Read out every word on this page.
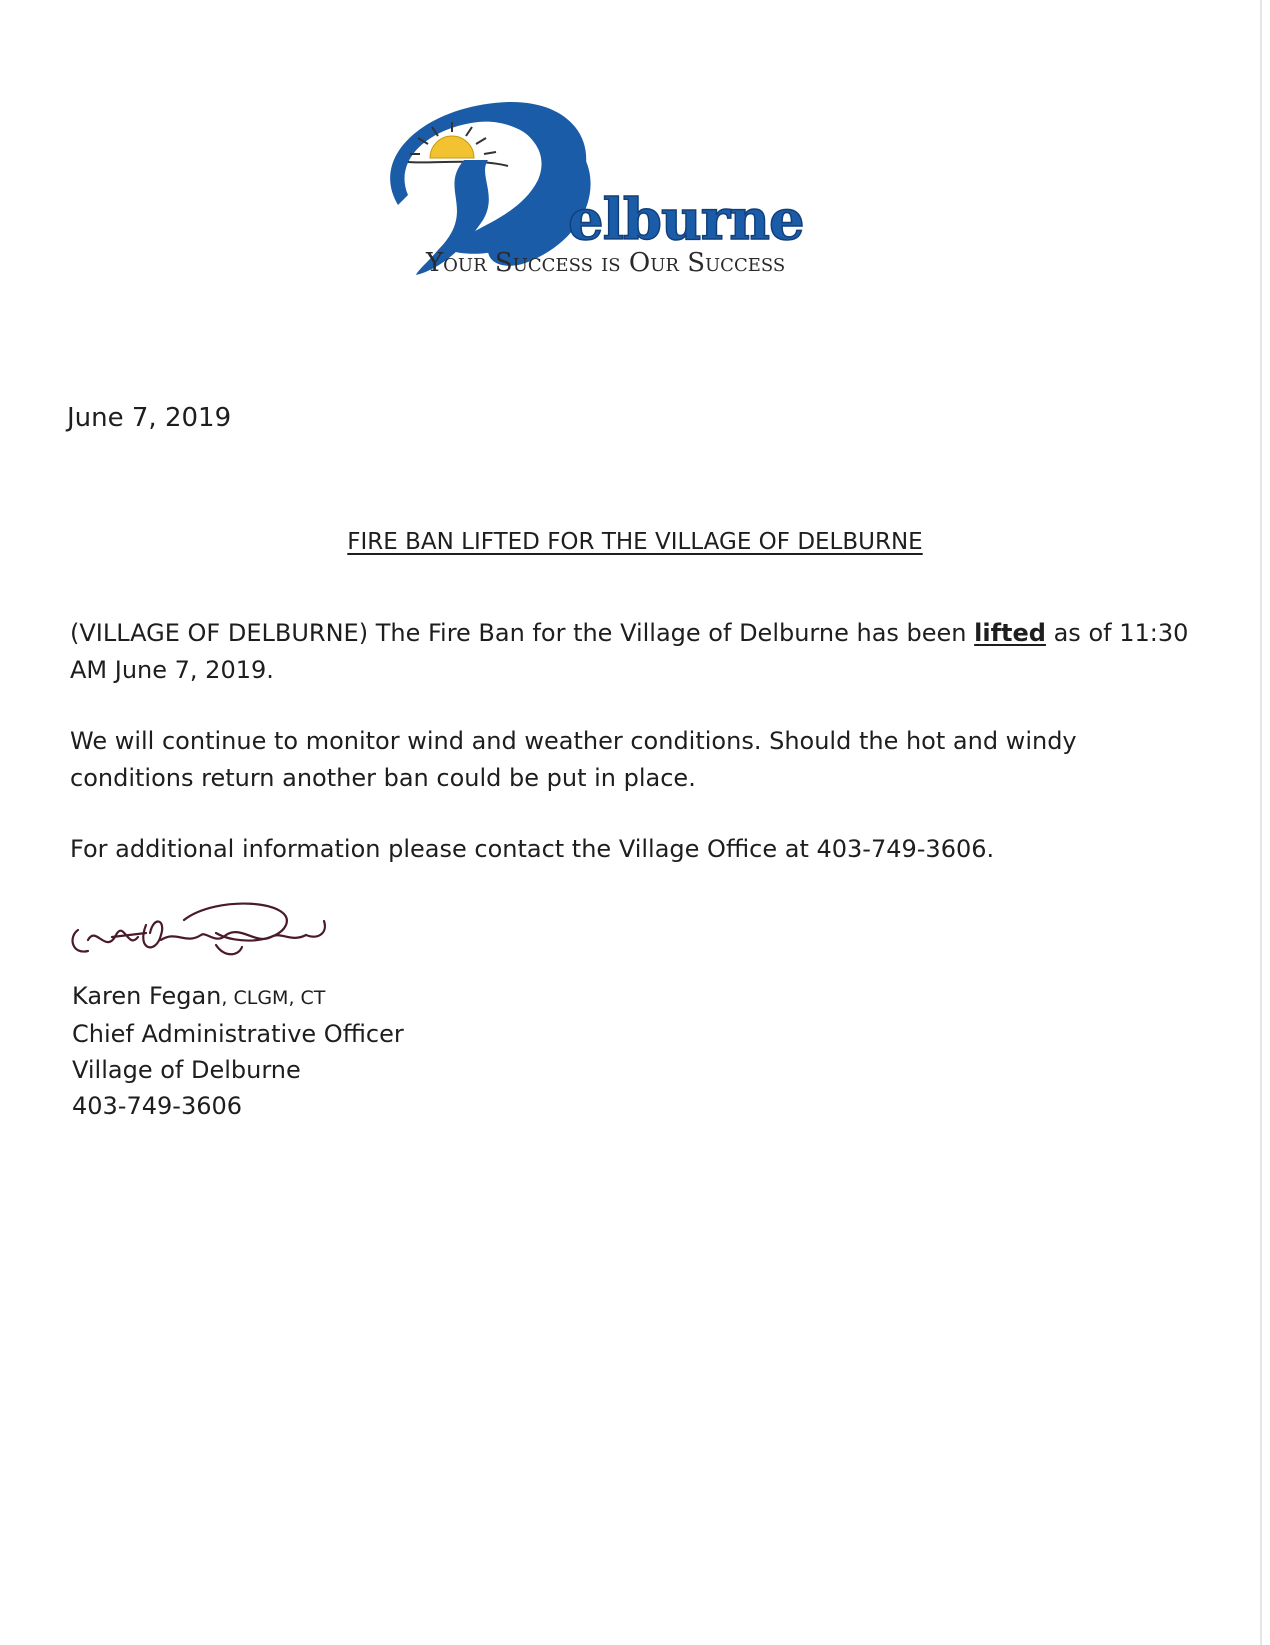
elburne
Your Success is Our Success
June 7, 2019
FIRE BAN LIFTED FOR THE VILLAGE OF DELBURNE

(VILLAGE OF DELBURNE) The Fire Ban for the Village of Delburne has been lifted as of 11:30 AM June 7, 2019.

We will continue to monitor wind and weather conditions. Should the hot and windy conditions return another ban could be put in place.

For additional information please contact the Village Office at 403-749-3606.

Karen Fegan, CLGM, CT
Chief Administrative Officer
Village of Delburne
403-749-3606
